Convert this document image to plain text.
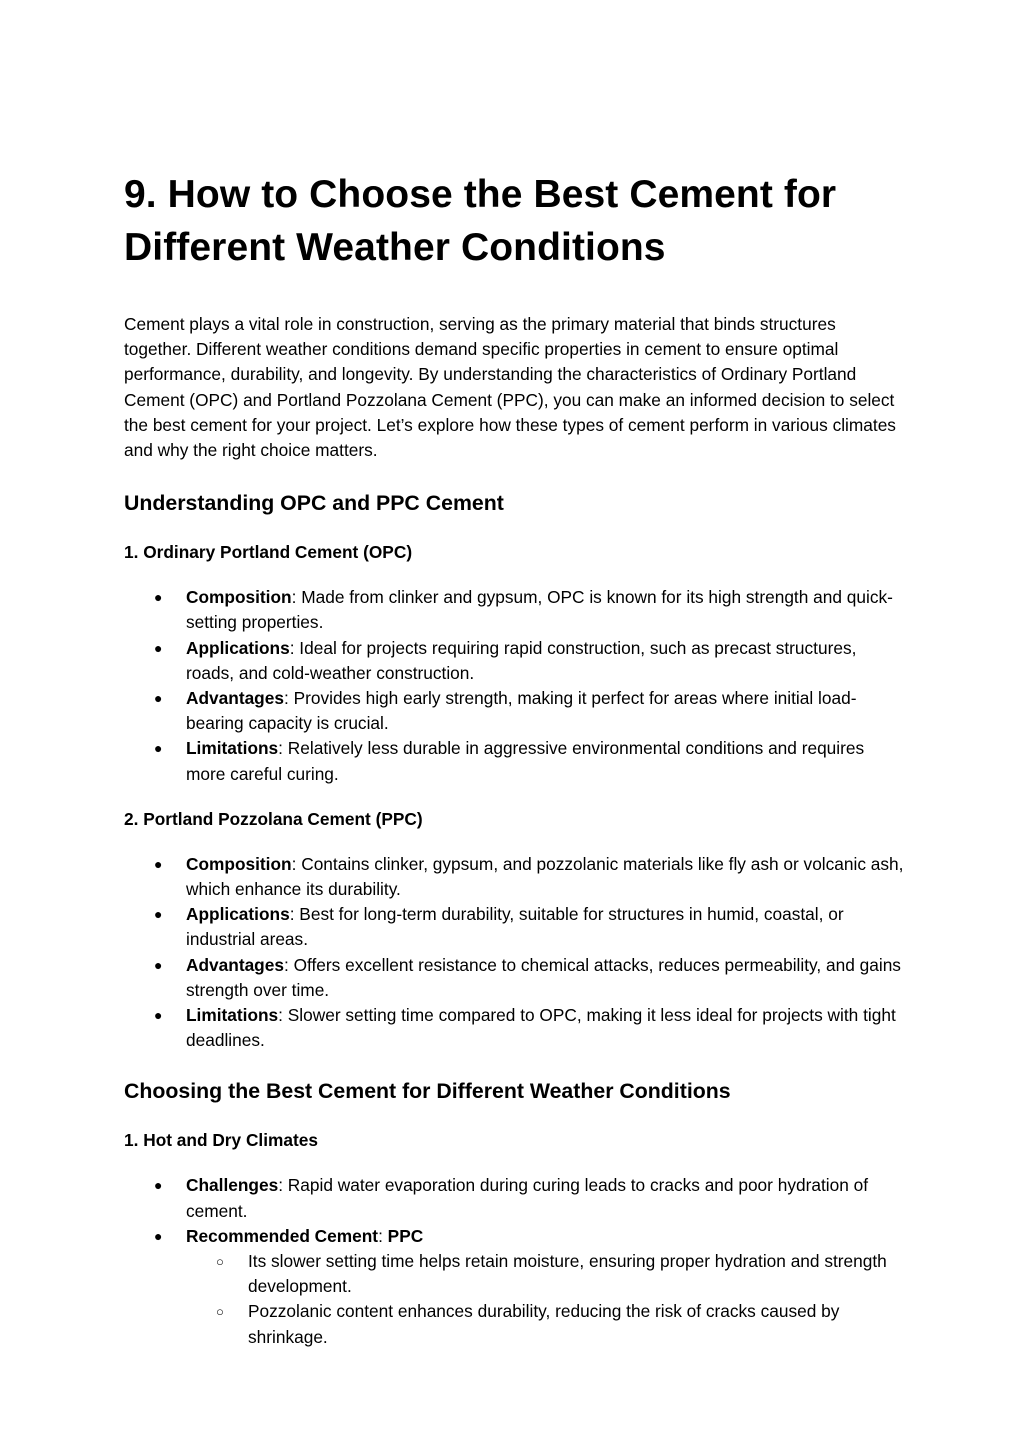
9. How to Choose the Best Cement for Different Weather Conditions

Cement plays a vital role in construction, serving as the primary material that binds structures together. Different weather conditions demand specific properties in cement to ensure optimal performance, durability, and longevity. By understanding the characteristics of Ordinary Portland Cement (OPC) and Portland Pozzolana Cement (PPC), you can make an informed decision to select the best cement for your project. Let’s explore how these types of cement perform in various climates and why the right choice matters.

Understanding OPC and PPC Cement
1. Ordinary Portland Cement (OPC)
● Composition: Made from clinker and gypsum, OPC is known for its high strength and quick-setting properties.
● Applications: Ideal for projects requiring rapid construction, such as precast structures, roads, and cold-weather construction.
● Advantages: Provides high early strength, making it perfect for areas where initial load-bearing capacity is crucial.
● Limitations: Relatively less durable in aggressive environmental conditions and requires more careful curing.
2. Portland Pozzolana Cement (PPC)
● Composition: Contains clinker, gypsum, and pozzolanic materials like fly ash or volcanic ash, which enhance its durability.
● Applications: Best for long-term durability, suitable for structures in humid, coastal, or industrial areas.
● Advantages: Offers excellent resistance to chemical attacks, reduces permeability, and gains strength over time.
● Limitations: Slower setting time compared to OPC, making it less ideal for projects with tight deadlines.
Choosing the Best Cement for Different Weather Conditions
1. Hot and Dry Climates
● Challenges: Rapid water evaporation during curing leads to cracks and poor hydration of cement.
● Recommended Cement: PPC
○ Its slower setting time helps retain moisture, ensuring proper hydration and strength development.
○ Pozzolanic content enhances durability, reducing the risk of cracks caused by shrinkage.
